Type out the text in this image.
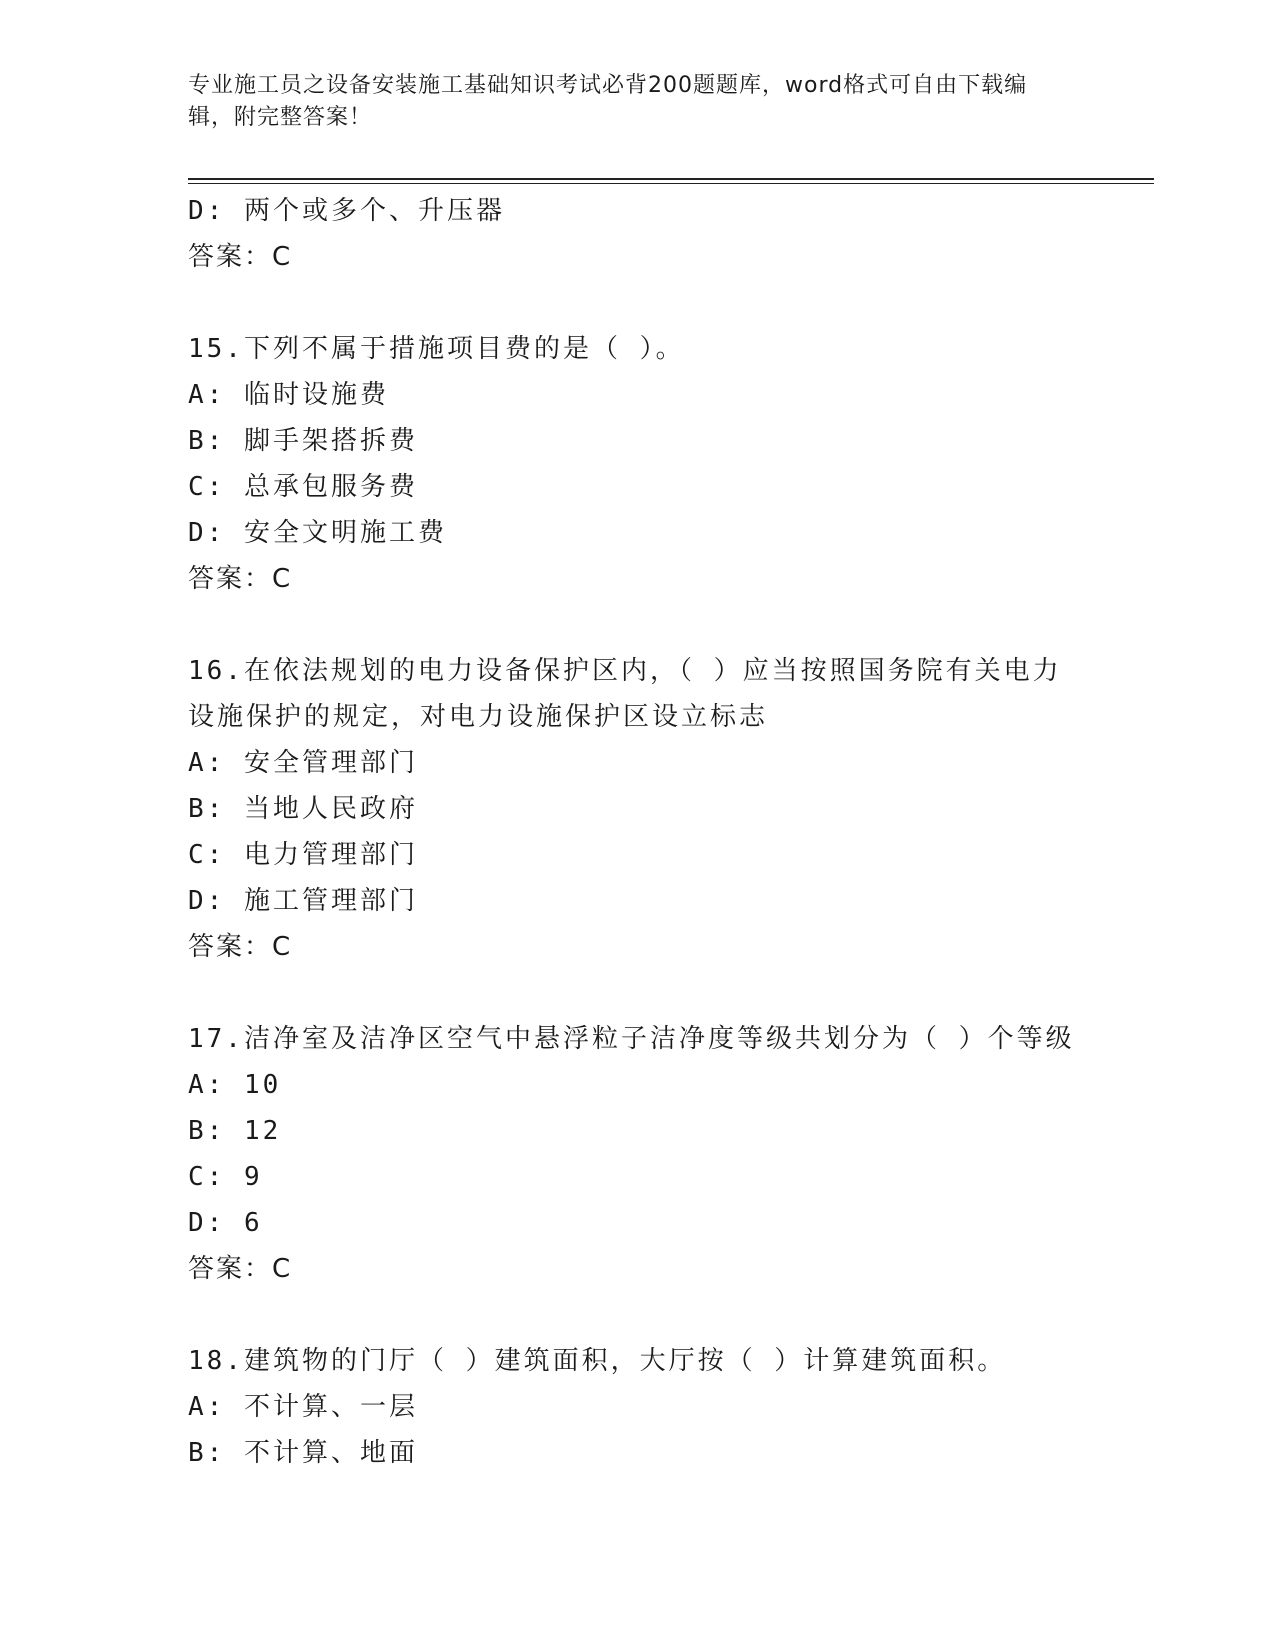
专业施工员之设备安装施工基础知识考试必背200题题库，word格式可自由下载编辑，附完整答案！
D: 两个或多个、升压器
答案：C
15.下列不属于措施项目费的是（ ）。
A: 临时设施费
B: 脚手架搭拆费
C: 总承包服务费
D: 安全文明施工费
答案：C
16.在依法规划的电力设备保护区内，（ ）应当按照国务院有关电力
设施保护的规定，对电力设施保护区设立标志
A: 安全管理部门
B: 当地人民政府
C: 电力管理部门
D: 施工管理部门
答案：C
17.洁净室及洁净区空气中悬浮粒子洁净度等级共划分为（ ）个等级
A: 10
B: 12
C: 9
D: 6
答案：C
18.建筑物的门厅（ ）建筑面积，大厅按（ ）计算建筑面积。
A: 不计算、一层
B: 不计算、地面
